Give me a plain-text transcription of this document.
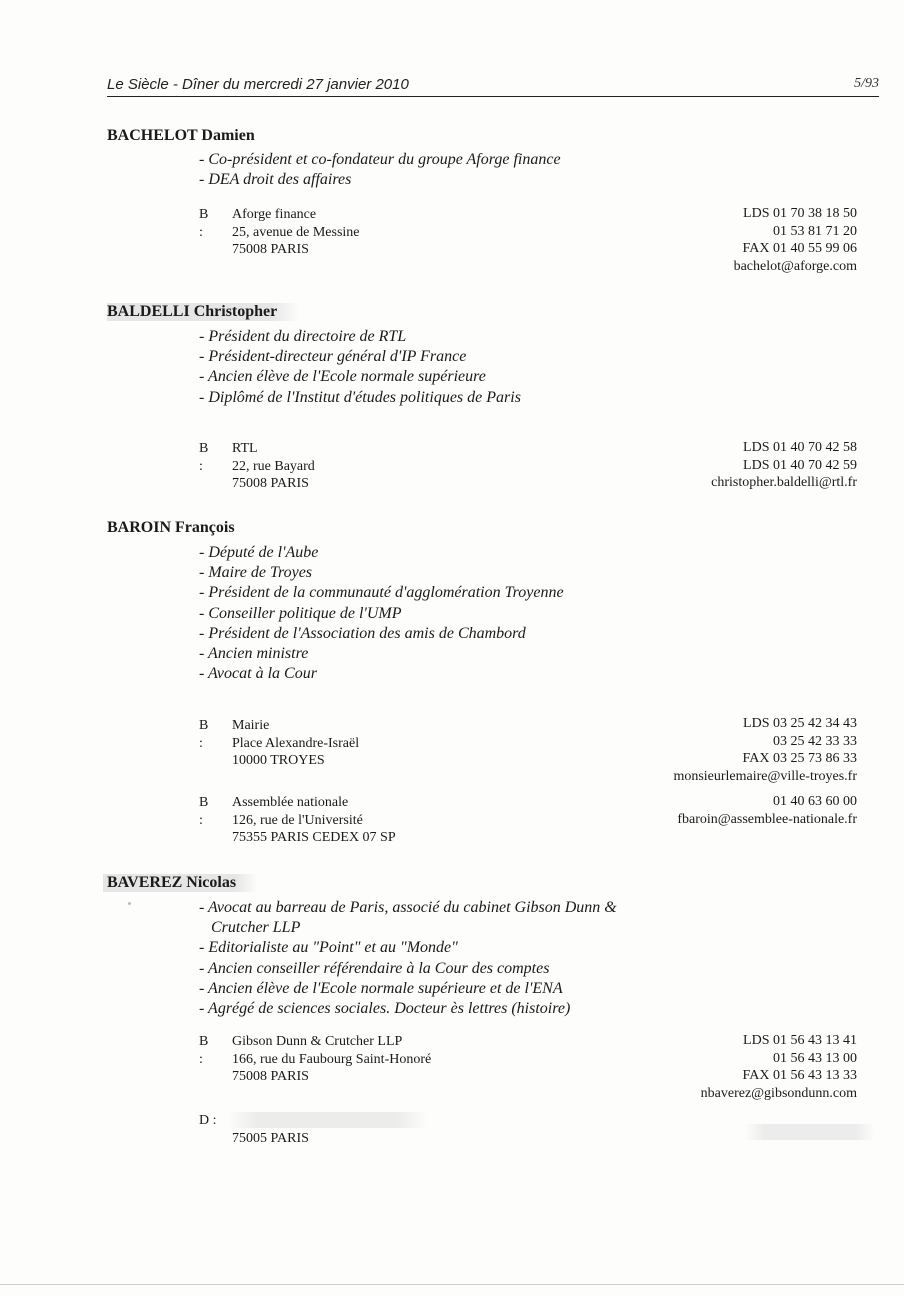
Le Siècle - Dîner du mercredi 27 janvier 2010	5/93
BACHELOT Damien
- Co-président et co-fondateur du groupe Aforge finance
- DEA droit des affaires
B :
Aforge finance
25, avenue de Messine
75008 PARIS
LDS 01 70 38 18 50
01 53 81 71 20
FAX 01 40 55 99 06
bachelot@aforge.com
BALDELLI Christopher
- Président du directoire de RTL
- Président-directeur général d'IP France
- Ancien élève de l'Ecole normale supérieure
- Diplômé de l'Institut d'études politiques de Paris
B :
RTL
22, rue Bayard
75008 PARIS
LDS 01 40 70 42 58
LDS 01 40 70 42 59
christopher.baldelli@rtl.fr
BAROIN François
- Député de l'Aube
- Maire de Troyes
- Président de la communauté d'agglomération Troyenne
- Conseiller politique de l'UMP
- Président de l'Association des amis de Chambord
- Ancien ministre
- Avocat à la Cour
B :
Mairie
Place Alexandre-Israël
10000 TROYES
LDS 03 25 42 34 43
03 25 42 33 33
FAX 03 25 73 86 33
monsieurlemaire@ville-troyes.fr
B :
Assemblée nationale
126, rue de l'Université
75355 PARIS CEDEX 07 SP
01 40 63 60 00
fbaroin@assemblee-nationale.fr
BAVEREZ Nicolas
- Avocat au barreau de Paris, associé du cabinet Gibson Dunn &
Crutcher LLP
- Editorialiste au "Point" et au "Monde"
- Ancien conseiller référendaire à la Cour des comptes
- Ancien élève de l'Ecole normale supérieure et de l'ENA
- Agrégé de sciences sociales. Docteur ès lettres (histoire)
B :
Gibson Dunn & Crutcher LLP
166, rue du Faubourg Saint-Honoré
75008 PARIS
LDS 01 56 43 13 41
01 56 43 13 00
FAX 01 56 43 13 33
nbaverez@gibsondunn.com
D :
75005 PARIS
